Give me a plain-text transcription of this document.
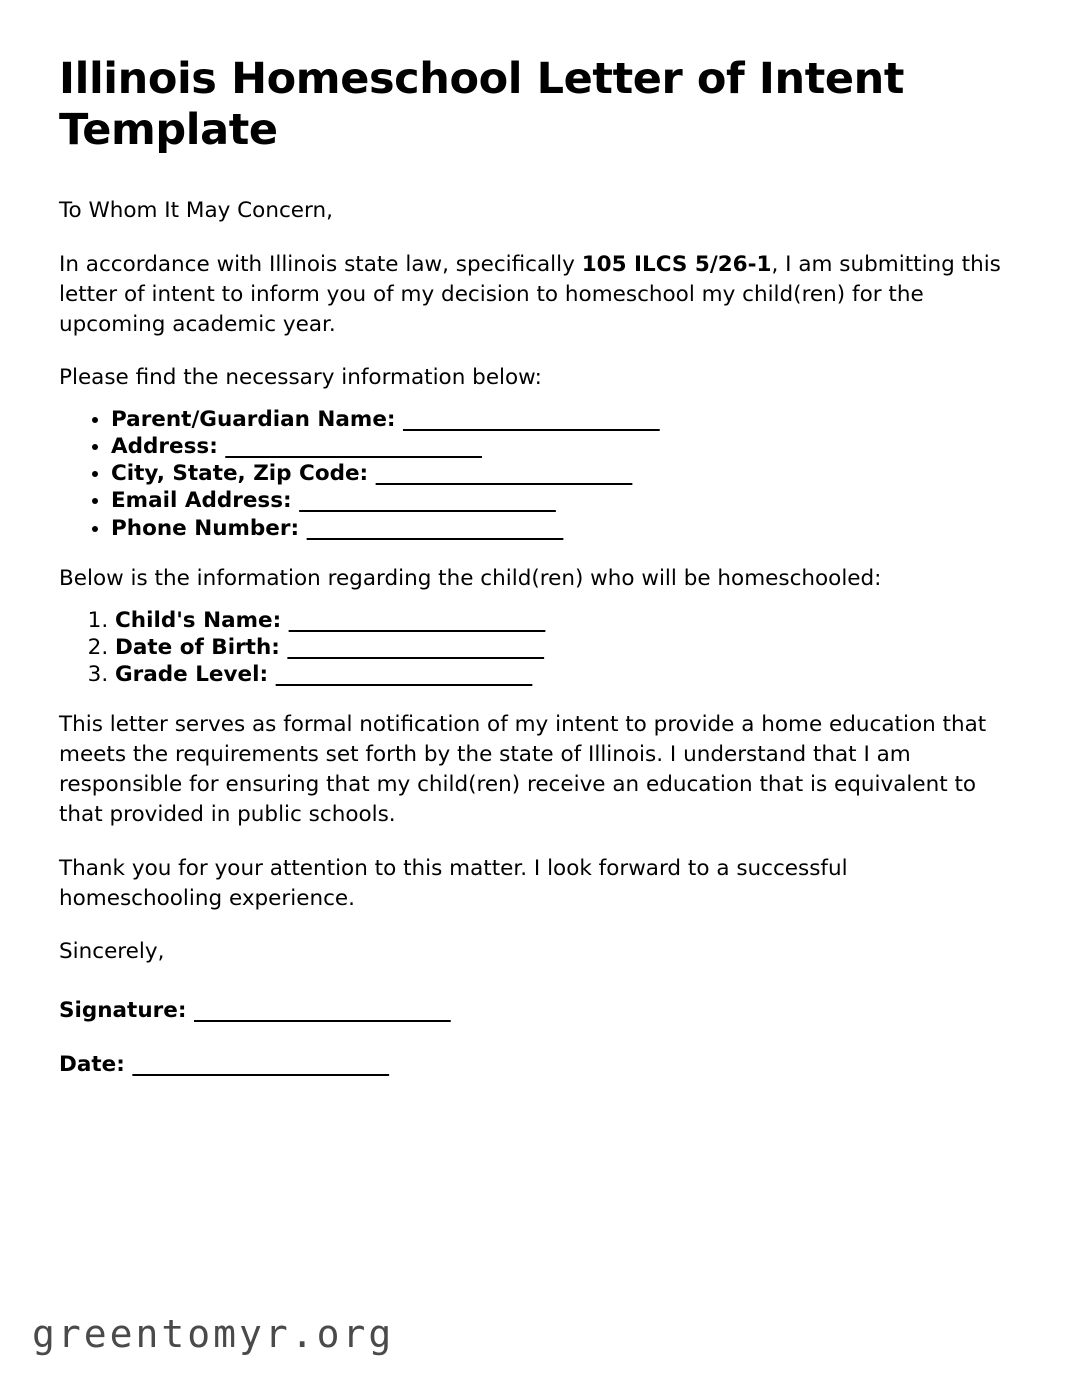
Illinois Homeschool Letter of Intent Template

To Whom It May Concern,

In accordance with Illinois state law, specifically 105 ILCS 5/26-1, I am submitting this letter of intent to inform you of my decision to homeschool my child(ren) for the upcoming academic year.

Please find the necessary information below:

• Parent/Guardian Name: _________________________
• Address: _________________________
• City, State, Zip Code: _________________________
• Email Address: _________________________
• Phone Number: _________________________

Below is the information regarding the child(ren) who will be homeschooled:

1. Child's Name: _________________________
2. Date of Birth: _________________________
3. Grade Level: _________________________

This letter serves as formal notification of my intent to provide a home education that meets the requirements set forth by the state of Illinois. I understand that I am responsible for ensuring that my child(ren) receive an education that is equivalent to that provided in public schools.

Thank you for your attention to this matter. I look forward to a successful homeschooling experience.

Sincerely,

Signature: _________________________

Date: _________________________

greentomyr.org
